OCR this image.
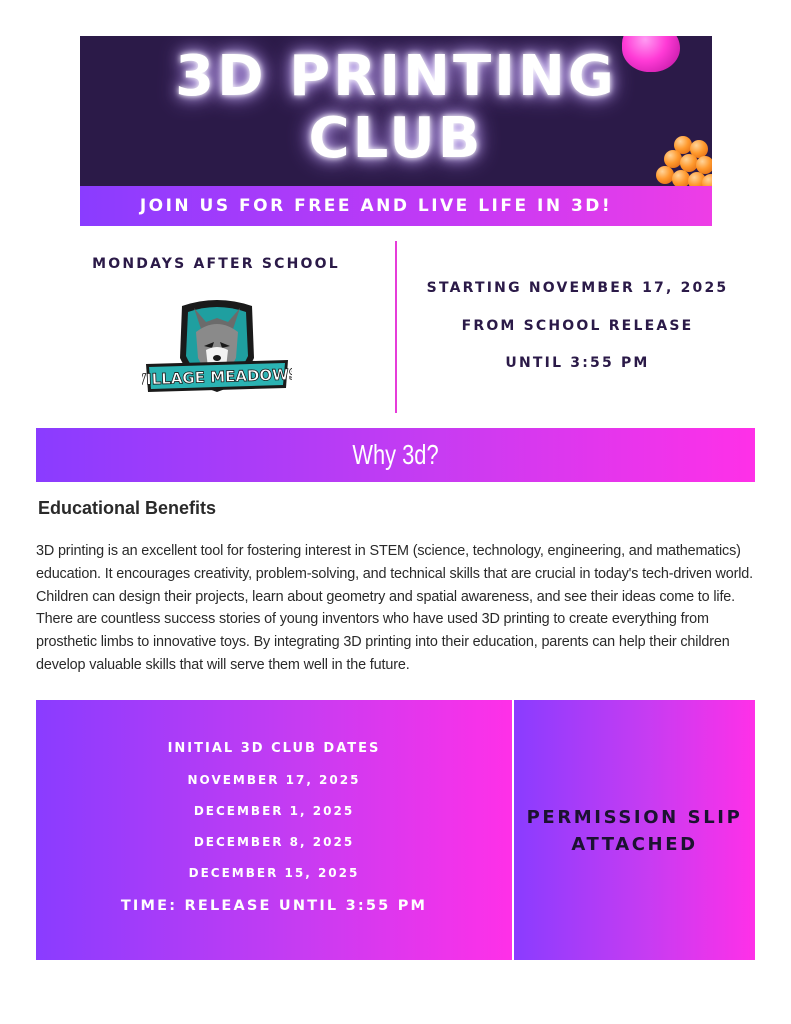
3D PRINTING
CLUB
JOIN US FOR FREE AND LIVE LIFE IN 3D!
MONDAYS AFTER SCHOOL
VILLAGE MEADOWS
STARTING NOVEMBER 17, 2025
FROM SCHOOL RELEASE
UNTIL 3:55 PM
Why 3d?
Educational Benefits
3D printing is an excellent tool for fostering interest in STEM (science, technology, engineering, and mathematics) education. It encourages creativity, problem-solving, and technical skills that are crucial in today's tech-driven world. Children can design their projects, learn about geometry and spatial awareness, and see their ideas come to life. There are countless success stories of young inventors who have used 3D printing to create everything from prosthetic limbs to innovative toys. By integrating 3D printing into their education, parents can help their children develop valuable skills that will serve them well in the future.
INITIAL 3D CLUB DATES
NOVEMBER 17, 2025
DECEMBER 1, 2025
DECEMBER 8, 2025
DECEMBER 15, 2025
TIME: RELEASE UNTIL 3:55 PM
PERMISSION SLIP
ATTACHED
